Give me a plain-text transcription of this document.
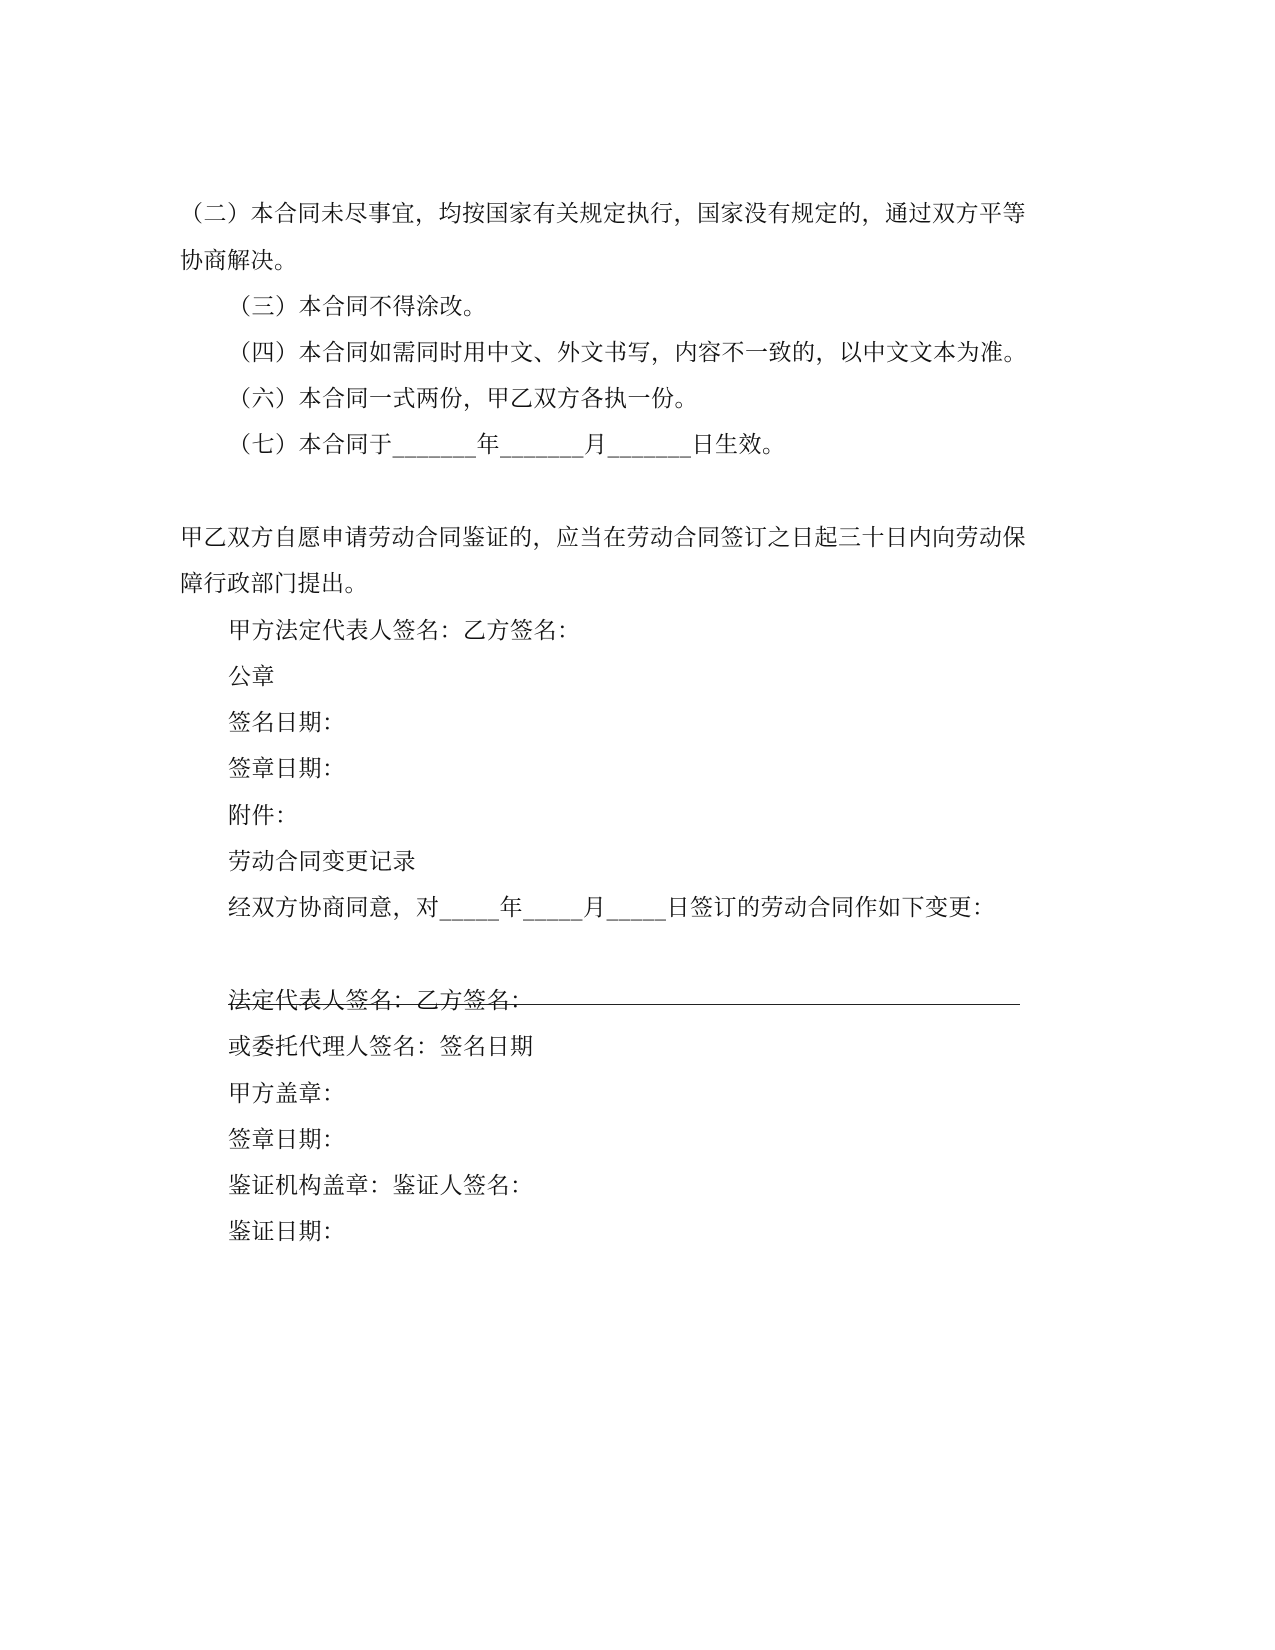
（二）本合同未尽事宜，均按国家有关规定执行，国家没有规定的，通过双方平等
协商解决。
（三）本合同不得涂改。
（四）本合同如需同时用中文、外文书写，内容不一致的，以中文文本为准。
（六）本合同一式两份，甲乙双方各执一份。
（七）本合同于_______年_______月_______日生效。
甲乙双方自愿申请劳动合同鉴证的，应当在劳动合同签订之日起三十日内向劳动保
障行政部门提出。
甲方法定代表人签名：乙方签名：
公章
签名日期：
签章日期：
附件：
劳动合同变更记录
经双方协商同意，对_____年_____月_____日签订的劳动合同作如下变更：
法定代表人签名：乙方签名：
或委托代理人签名：签名日期
甲方盖章：
签章日期：
鉴证机构盖章：鉴证人签名：
鉴证日期：
